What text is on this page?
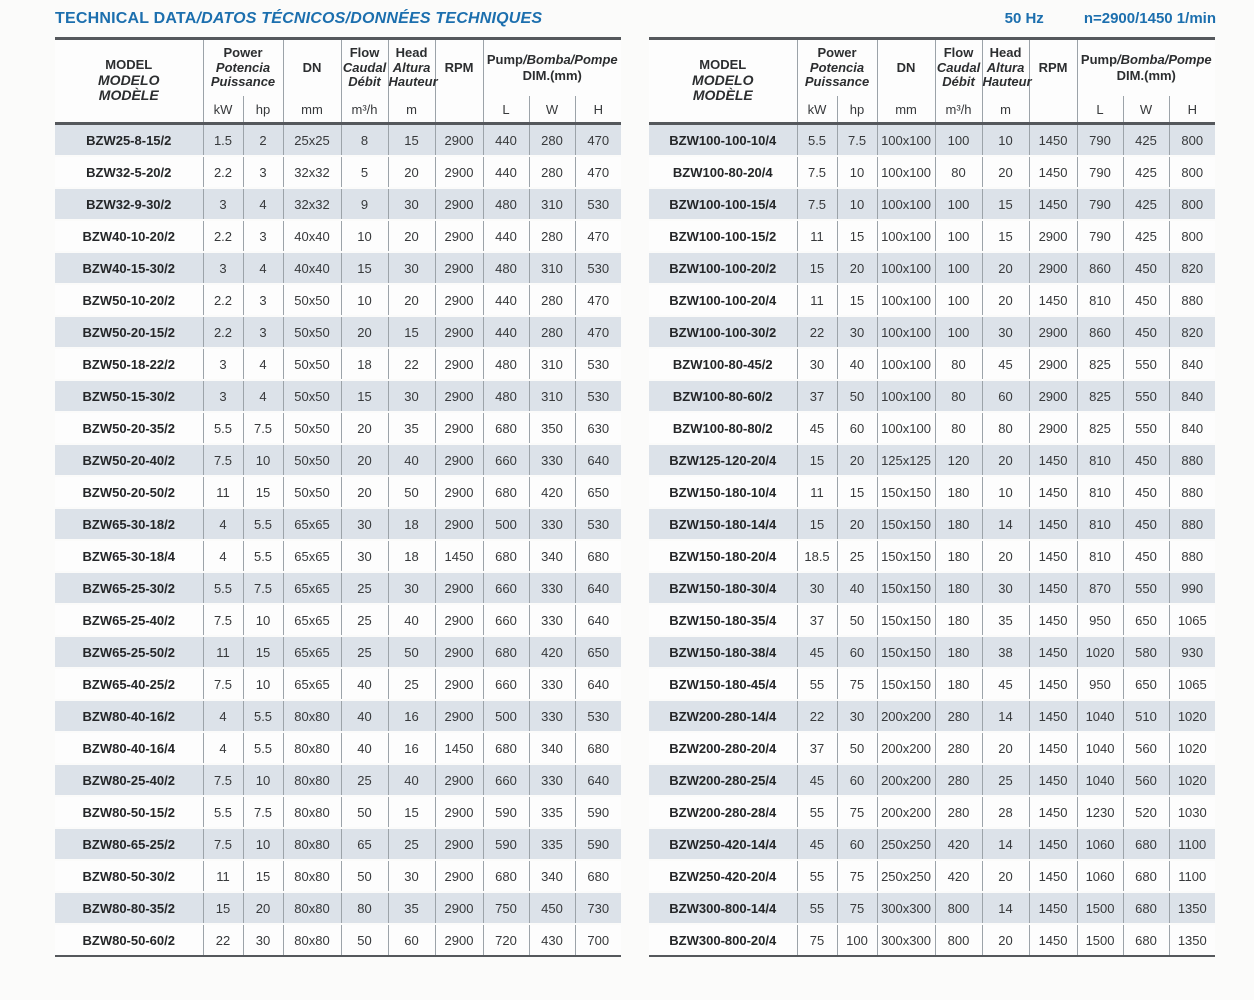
TECHNICAL DATA/DATOS TÉCNICOS/DONNÉES TECHNIQUES	50 Hz	n=2900/1450 1/min
MODEL
MODELO
MODÈLE

Power
Potencia
Puissance

DN

Flow
Caudal
Débit

Head
Altura
Hauteur

RPM

Pump/Bomba/Pompe
DIM.(mm)

	kW	hp	mm	m³/h	m		L	W	H
BZW25-8-15/2	1.5	2	25x25	8	15	2900	440	280	470
BZW32-5-20/2	2.2	3	32x32	5	20	2900	440	280	470
BZW32-9-30/2	3	4	32x32	9	30	2900	480	310	530
BZW40-10-20/2	2.2	3	40x40	10	20	2900	440	280	470
BZW40-15-30/2	3	4	40x40	15	30	2900	480	310	530
BZW50-10-20/2	2.2	3	50x50	10	20	2900	440	280	470
BZW50-20-15/2	2.2	3	50x50	20	15	2900	440	280	470
BZW50-18-22/2	3	4	50x50	18	22	2900	480	310	530
BZW50-15-30/2	3	4	50x50	15	30	2900	480	310	530
BZW50-20-35/2	5.5	7.5	50x50	20	35	2900	680	350	630
BZW50-20-40/2	7.5	10	50x50	20	40	2900	660	330	640
BZW50-20-50/2	11	15	50x50	20	50	2900	680	420	650
BZW65-30-18/2	4	5.5	65x65	30	18	2900	500	330	530
BZW65-30-18/4	4	5.5	65x65	30	18	1450	680	340	680
BZW65-25-30/2	5.5	7.5	65x65	25	30	2900	660	330	640
BZW65-25-40/2	7.5	10	65x65	25	40	2900	660	330	640
BZW65-25-50/2	11	15	65x65	25	50	2900	680	420	650
BZW65-40-25/2	7.5	10	65x65	40	25	2900	660	330	640
BZW80-40-16/2	4	5.5	80x80	40	16	2900	500	330	530
BZW80-40-16/4	4	5.5	80x80	40	16	1450	680	340	680
BZW80-25-40/2	7.5	10	80x80	25	40	2900	660	330	640
BZW80-50-15/2	5.5	7.5	80x80	50	15	2900	590	335	590
BZW80-65-25/2	7.5	10	80x80	65	25	2900	590	335	590
BZW80-50-30/2	11	15	80x80	50	30	2900	680	340	680
BZW80-80-35/2	15	20	80x80	80	35	2900	750	450	730
BZW80-50-60/2	22	30	80x80	50	60	2900	720	430	700
MODEL
MODELO
MODÈLE

Power
Potencia
Puissance

DN

Flow
Caudal
Débit

Head
Altura
Hauteur

RPM

Pump/Bomba/Pompe
DIM.(mm)

	kW	hp	mm	m³/h	m		L	W	H
BZW100-100-10/4	5.5	7.5	100x100	100	10	1450	790	425	800
BZW100-80-20/4	7.5	10	100x100	80	20	1450	790	425	800
BZW100-100-15/4	7.5	10	100x100	100	15	1450	790	425	800
BZW100-100-15/2	11	15	100x100	100	15	2900	790	425	800
BZW100-100-20/2	15	20	100x100	100	20	2900	860	450	820
BZW100-100-20/4	11	15	100x100	100	20	1450	810	450	880
BZW100-100-30/2	22	30	100x100	100	30	2900	860	450	820
BZW100-80-45/2	30	40	100x100	80	45	2900	825	550	840
BZW100-80-60/2	37	50	100x100	80	60	2900	825	550	840
BZW100-80-80/2	45	60	100x100	80	80	2900	825	550	840
BZW125-120-20/4	15	20	125x125	120	20	1450	810	450	880
BZW150-180-10/4	11	15	150x150	180	10	1450	810	450	880
BZW150-180-14/4	15	20	150x150	180	14	1450	810	450	880
BZW150-180-20/4	18.5	25	150x150	180	20	1450	810	450	880
BZW150-180-30/4	30	40	150x150	180	30	1450	870	550	990
BZW150-180-35/4	37	50	150x150	180	35	1450	950	650	1065
BZW150-180-38/4	45	60	150x150	180	38	1450	1020	580	930
BZW150-180-45/4	55	75	150x150	180	45	1450	950	650	1065
BZW200-280-14/4	22	30	200x200	280	14	1450	1040	510	1020
BZW200-280-20/4	37	50	200x200	280	20	1450	1040	560	1020
BZW200-280-25/4	45	60	200x200	280	25	1450	1040	560	1020
BZW200-280-28/4	55	75	200x200	280	28	1450	1230	520	1030
BZW250-420-14/4	45	60	250x250	420	14	1450	1060	680	1100
BZW250-420-20/4	55	75	250x250	420	20	1450	1060	680	1100
BZW300-800-14/4	55	75	300x300	800	14	1450	1500	680	1350
BZW300-800-20/4	75	100	300x300	800	20	1450	1500	680	1350
